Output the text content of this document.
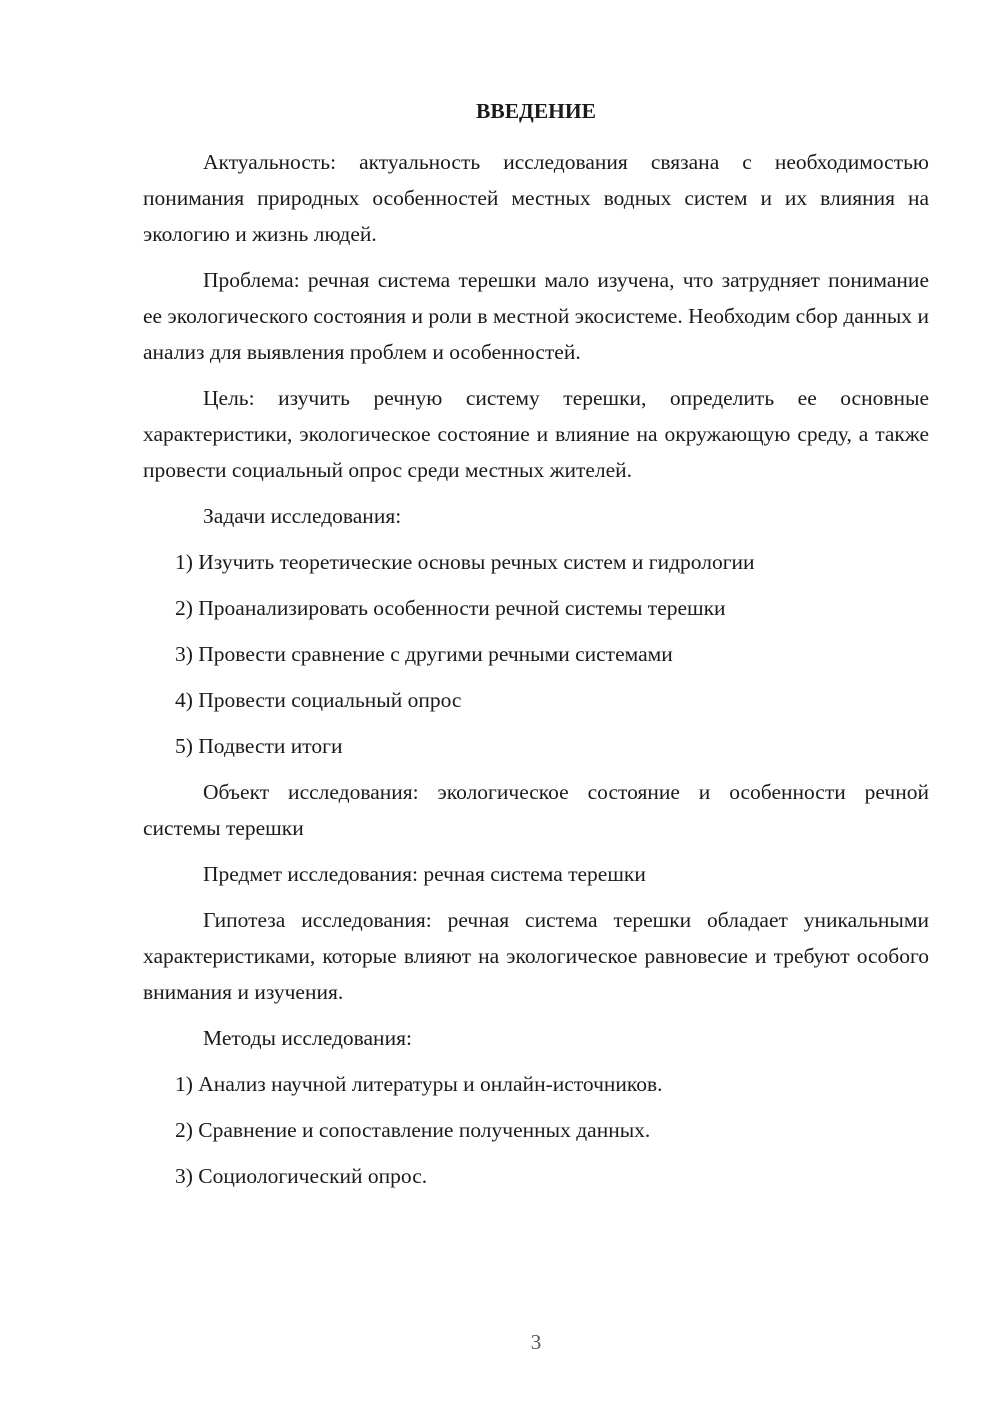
ВВЕДЕНИЕ

Актуальность: актуальность исследования связана с необходимостью понимания природных особенностей местных водных систем и их влияния на экологию и жизнь людей.

Проблема: речная система терешки мало изучена, что затрудняет понимание ее экологического состояния и роли в местной экосистеме. Необходим сбор данных и анализ для выявления проблем и особенностей.

Цель: изучить речную систему терешки, определить ее основные характеристики, экологическое состояние и влияние на окружающую среду, а также провести социальный опрос среди местных жителей.

Задачи исследования:

1) Изучить теоретические основы речных систем и гидрологии

2) Проанализировать особенности речной системы терешки

3) Провести сравнение с другими речными системами

4) Провести социальный опрос

5) Подвести итоги

Объект исследования: экологическое состояние и особенности речной системы терешки

Предмет исследования: речная система терешки

Гипотеза исследования: речная система терешки обладает уникальными характеристиками, которые влияют на экологическое равновесие и требуют особого внимания и изучения.

Методы исследования:

1) Анализ научной литературы и онлайн-источников.

2) Сравнение и сопоставление полученных данных.

3) Социологический опрос.

3
